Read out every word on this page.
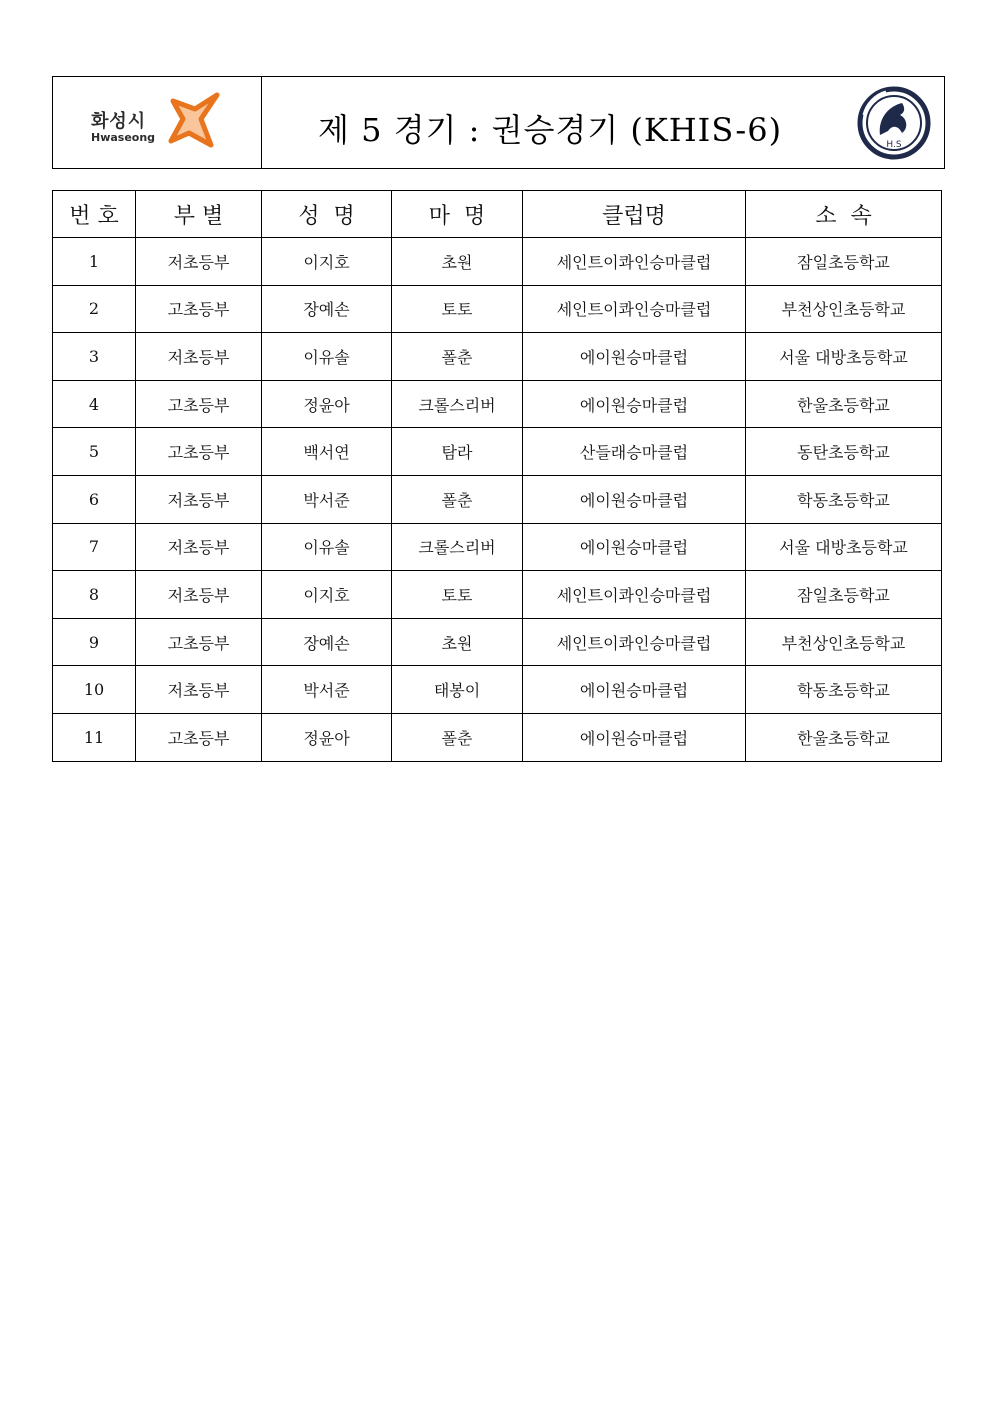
화성시
Hwaseong	제 5 경기 : 권승경기 (KHIS-6)	H.S
번 호	부 별	성  명	마  명	클럽명	소  속
1	저초등부	이지호	초원	세인트이콰인승마클럽	잠일초등학교
2	고초등부	장예손	토토	세인트이콰인승마클럽	부천상인초등학교
3	저초등부	이유솔	폴춘	에이원승마클럽	서울 대방초등학교
4	고초등부	정윤아	크롤스리버	에이원승마클럽	한울초등학교
5	고초등부	백서연	탐라	산들래승마클럽	동탄초등학교
6	저초등부	박서준	폴춘	에이원승마클럽	학동초등학교
7	저초등부	이유솔	크롤스리버	에이원승마클럽	서울 대방초등학교
8	저초등부	이지호	토토	세인트이콰인승마클럽	잠일초등학교
9	고초등부	장예손	초원	세인트이콰인승마클럽	부천상인초등학교
10	저초등부	박서준	태봉이	에이원승마클럽	학동초등학교
11	고초등부	정윤아	폴춘	에이원승마클럽	한울초등학교
